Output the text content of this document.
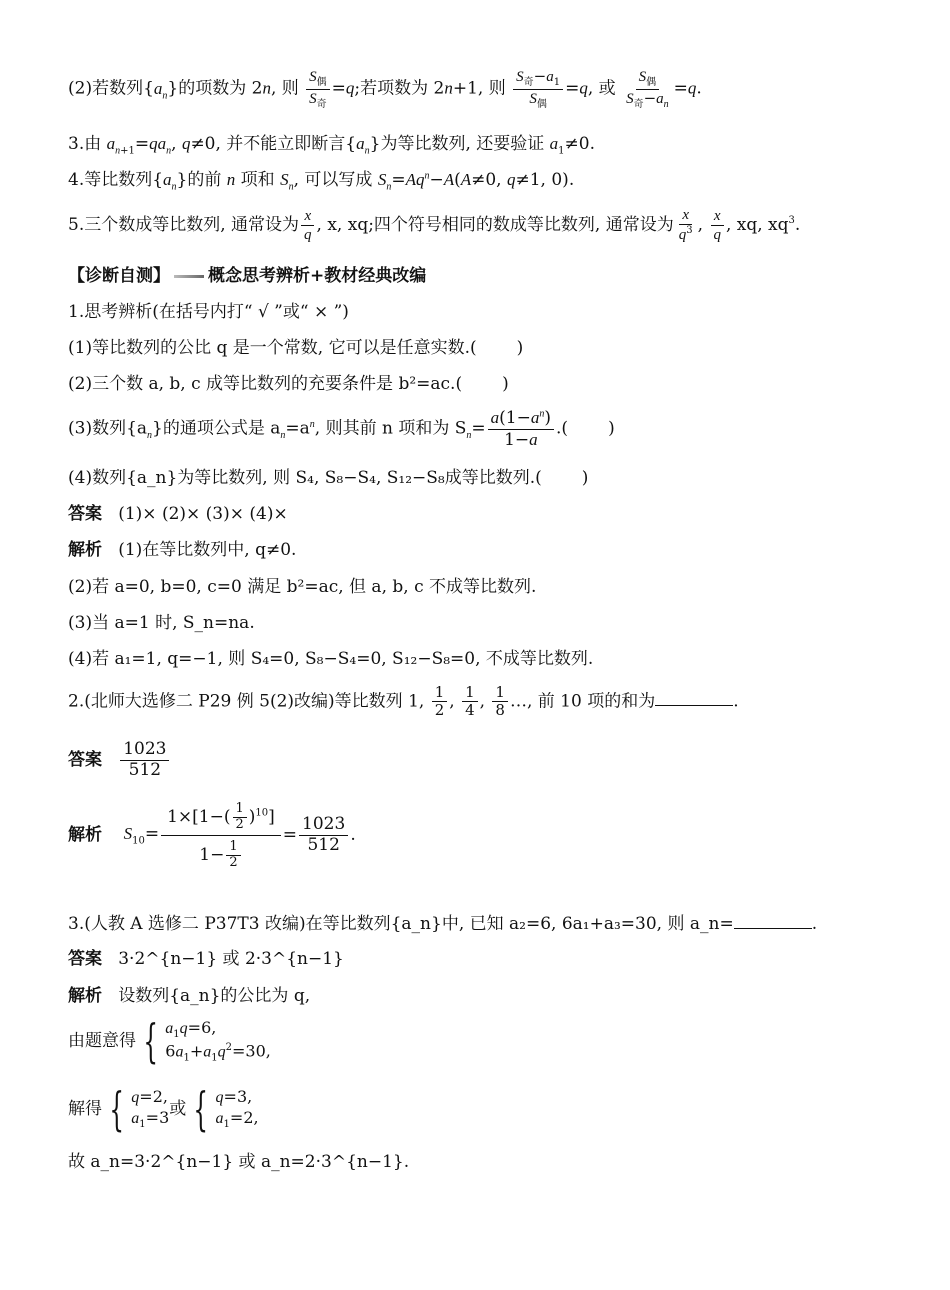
(2)若数列$\{a_n\}$的项数为 2n, 则 $\frac{S_偶}{S_奇} =q$;若项数为 2n+1, 则 $\frac{S_奇-a_1}{S_偶} =q$, 或 $\frac{S_偶}{S_奇-a_n} =q$.
3.由 $a_{n+1}=qa_n$, q≠0, 并不能立即断言$\{a_n\}$为等比数列, 还要验证 $a_1\ne 0$.
4.等比数列$\{a_n\}$的前 n 项和 $S_n$, 可以写成 $S_n=Aq^n-A(A\ne 0$, q≠1, 0).
5.三个数成等比数列, 通常设为 $\frac{x}{q}$ , x, xq;四个符号相同的数成等比数列, 通常设为 $\frac{x}{q^3}$ , $\frac{x}{q}$ , xq, $xq^3$.
【诊断自测】 概念思考辨析+教材经典改编
1.思考辨析(在括号内打“ √ ”或“ × ”)
(1)等比数列的公比 q 是一个常数, 它可以是任意实数.( )
(2)三个数 a, b, c 成等比数列的充要条件是 b²=ac.( )
(3)数列$\{a_n\}$的通项公式是 $a_n=a^n$, 则其前 n 项和为 $S_n= \frac{a(1-a^n)}{1-a}$ .( )
(4)数列{a_n}为等比数列, 则 S₄, S₈−S₄, S₁₂−S₈成等比数列.( )
答案 (1)× (2)× (3)× (4)×
解析 (1)在等比数列中, q≠0.
(2)若 a=0, b=0, c=0 满足 b²=ac, 但 a, b, c 不成等比数列.
(3)当 a=1 时, S_n=na.
(4)若 a₁=1, q=−1, 则 S₄=0, S₈−S₄=0, S₁₂−S₈=0, 不成等比数列.
2.(北师大选修二 P29 例 5(2)改编)等比数列 1, $\frac{1}{2}$ , $\frac{1}{4}$ , $\frac{1}{8}$ …, 前 10 项的和为	.
答案 $\frac{1023}{512}$
解析 $S_{10}= \frac{1\times[1-( \frac{1}{2} )^{10}]}{1- \frac{1}{2}} = \frac{1023}{512}$ .
3.(人教 A 选修二 P37T3 改编)在等比数列{a_n}中, 已知 a₂=6, 6a₁+a₃=30, 则 a_n=	.
答案 3·2^{n−1} 或 2·3^{n−1}
解析 设数列{a_n}的公比为 q,
由题意得 { $a_1q=6$,
$6a_1+a_1q^2=30$,
解得 { q=2,
$a_1=3$ 或 { q=3,
$a_1=2$,
故 a_n=3·2^{n−1} 或 a_n=2·3^{n−1}.
